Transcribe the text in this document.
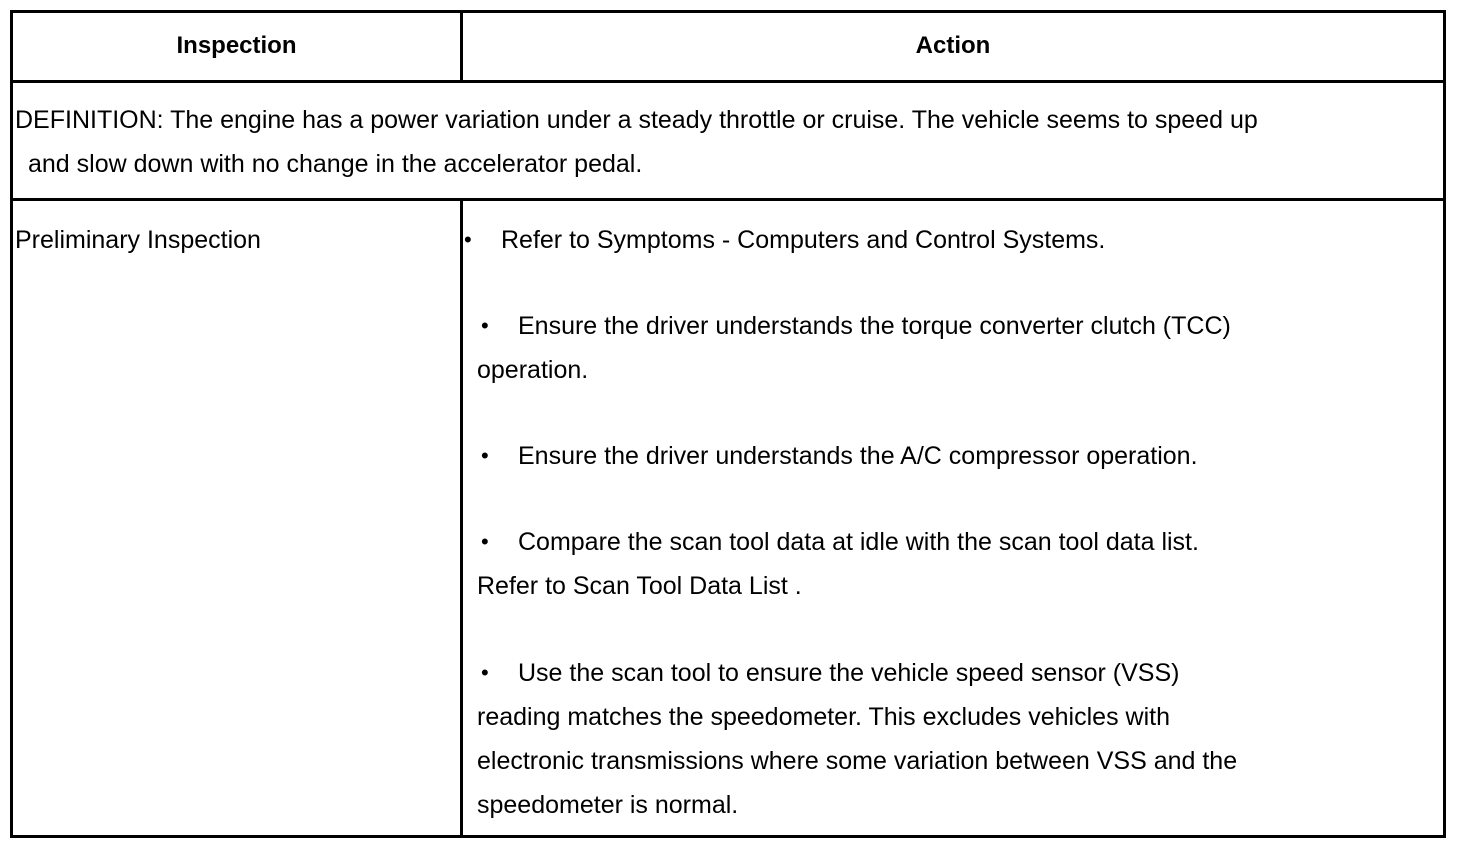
Inspection	Action
DEFINITION: The engine has a power variation under a steady throttle or cruise. The vehicle seems to speed up
and slow down with no change in the accelerator pedal.
Preliminary Inspection	• Refer to Symptoms - Computers and Control Systems.
• Ensure the driver understands the torque converter clutch (TCC)
operation.
• Ensure the driver understands the A/C compressor operation.
• Compare the scan tool data at idle with the scan tool data list.
Refer to Scan Tool Data List .
• Use the scan tool to ensure the vehicle speed sensor (VSS)
reading matches the speedometer. This excludes vehicles with
electronic transmissions where some variation between VSS and the
speedometer is normal.
